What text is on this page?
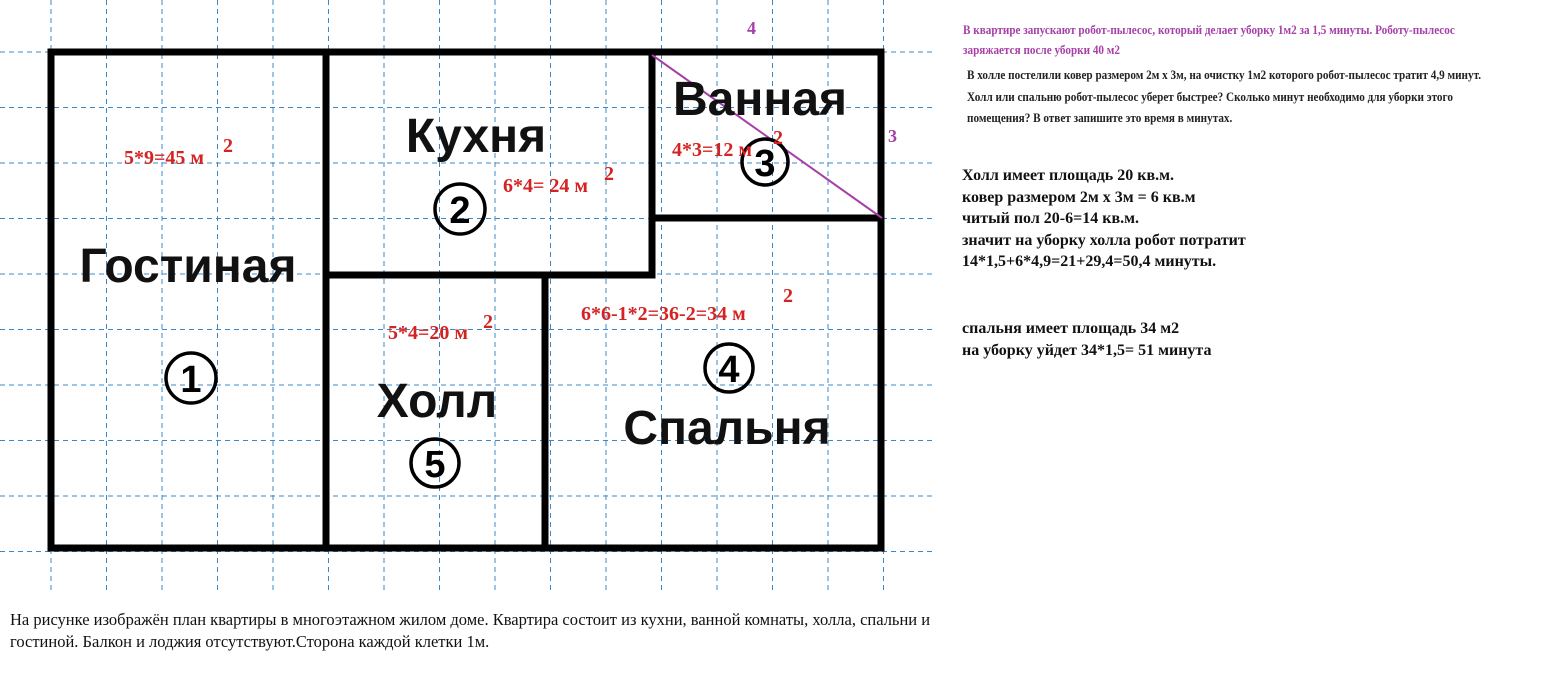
4
3
Гостиная
Кухня
Ванная
Спальня
Холл
1
2
3
4
5
5*9=45 м
2
6*4= 24 м
2
4*3=12 м
2
6*6-1*2=36-2=34 м
2
5*4=20 м 2

В квартире запускают робот-пылесос, который делает уборку 1м2 за 1,5 минуты. Роботу-пылесос заряжается после уборки 40 м2

В холле постелили ковер размером 2м х 3м, на очистку 1м2 которого робот-пылесос тратит 4,9 минут.
Холл или спальню робот-пылесос уберет быстрее? Сколько минут необходимо для уборки этого
помещения? В ответ запишите это время в минутах.
Холл имеет площадь 20 кв.м.
ковер размером 2м х 3м = 6 кв.м
читый пол 20-6=14 кв.м.
значит на уборку холла робот потратит
14*1,5+6*4,9=21+29,4=50,4 минуты.
спальня имеет площадь 34 м2
на уборку уйдет 34*1,5= 51 минута

На рисунке изображён план квартиры в многоэтажном жилом доме. Квартира состоит из кухни, ванной комнаты, холла, спальни и гостиной. Балкон и лоджия отсутствуют.Сторона каждой клетки 1м.
